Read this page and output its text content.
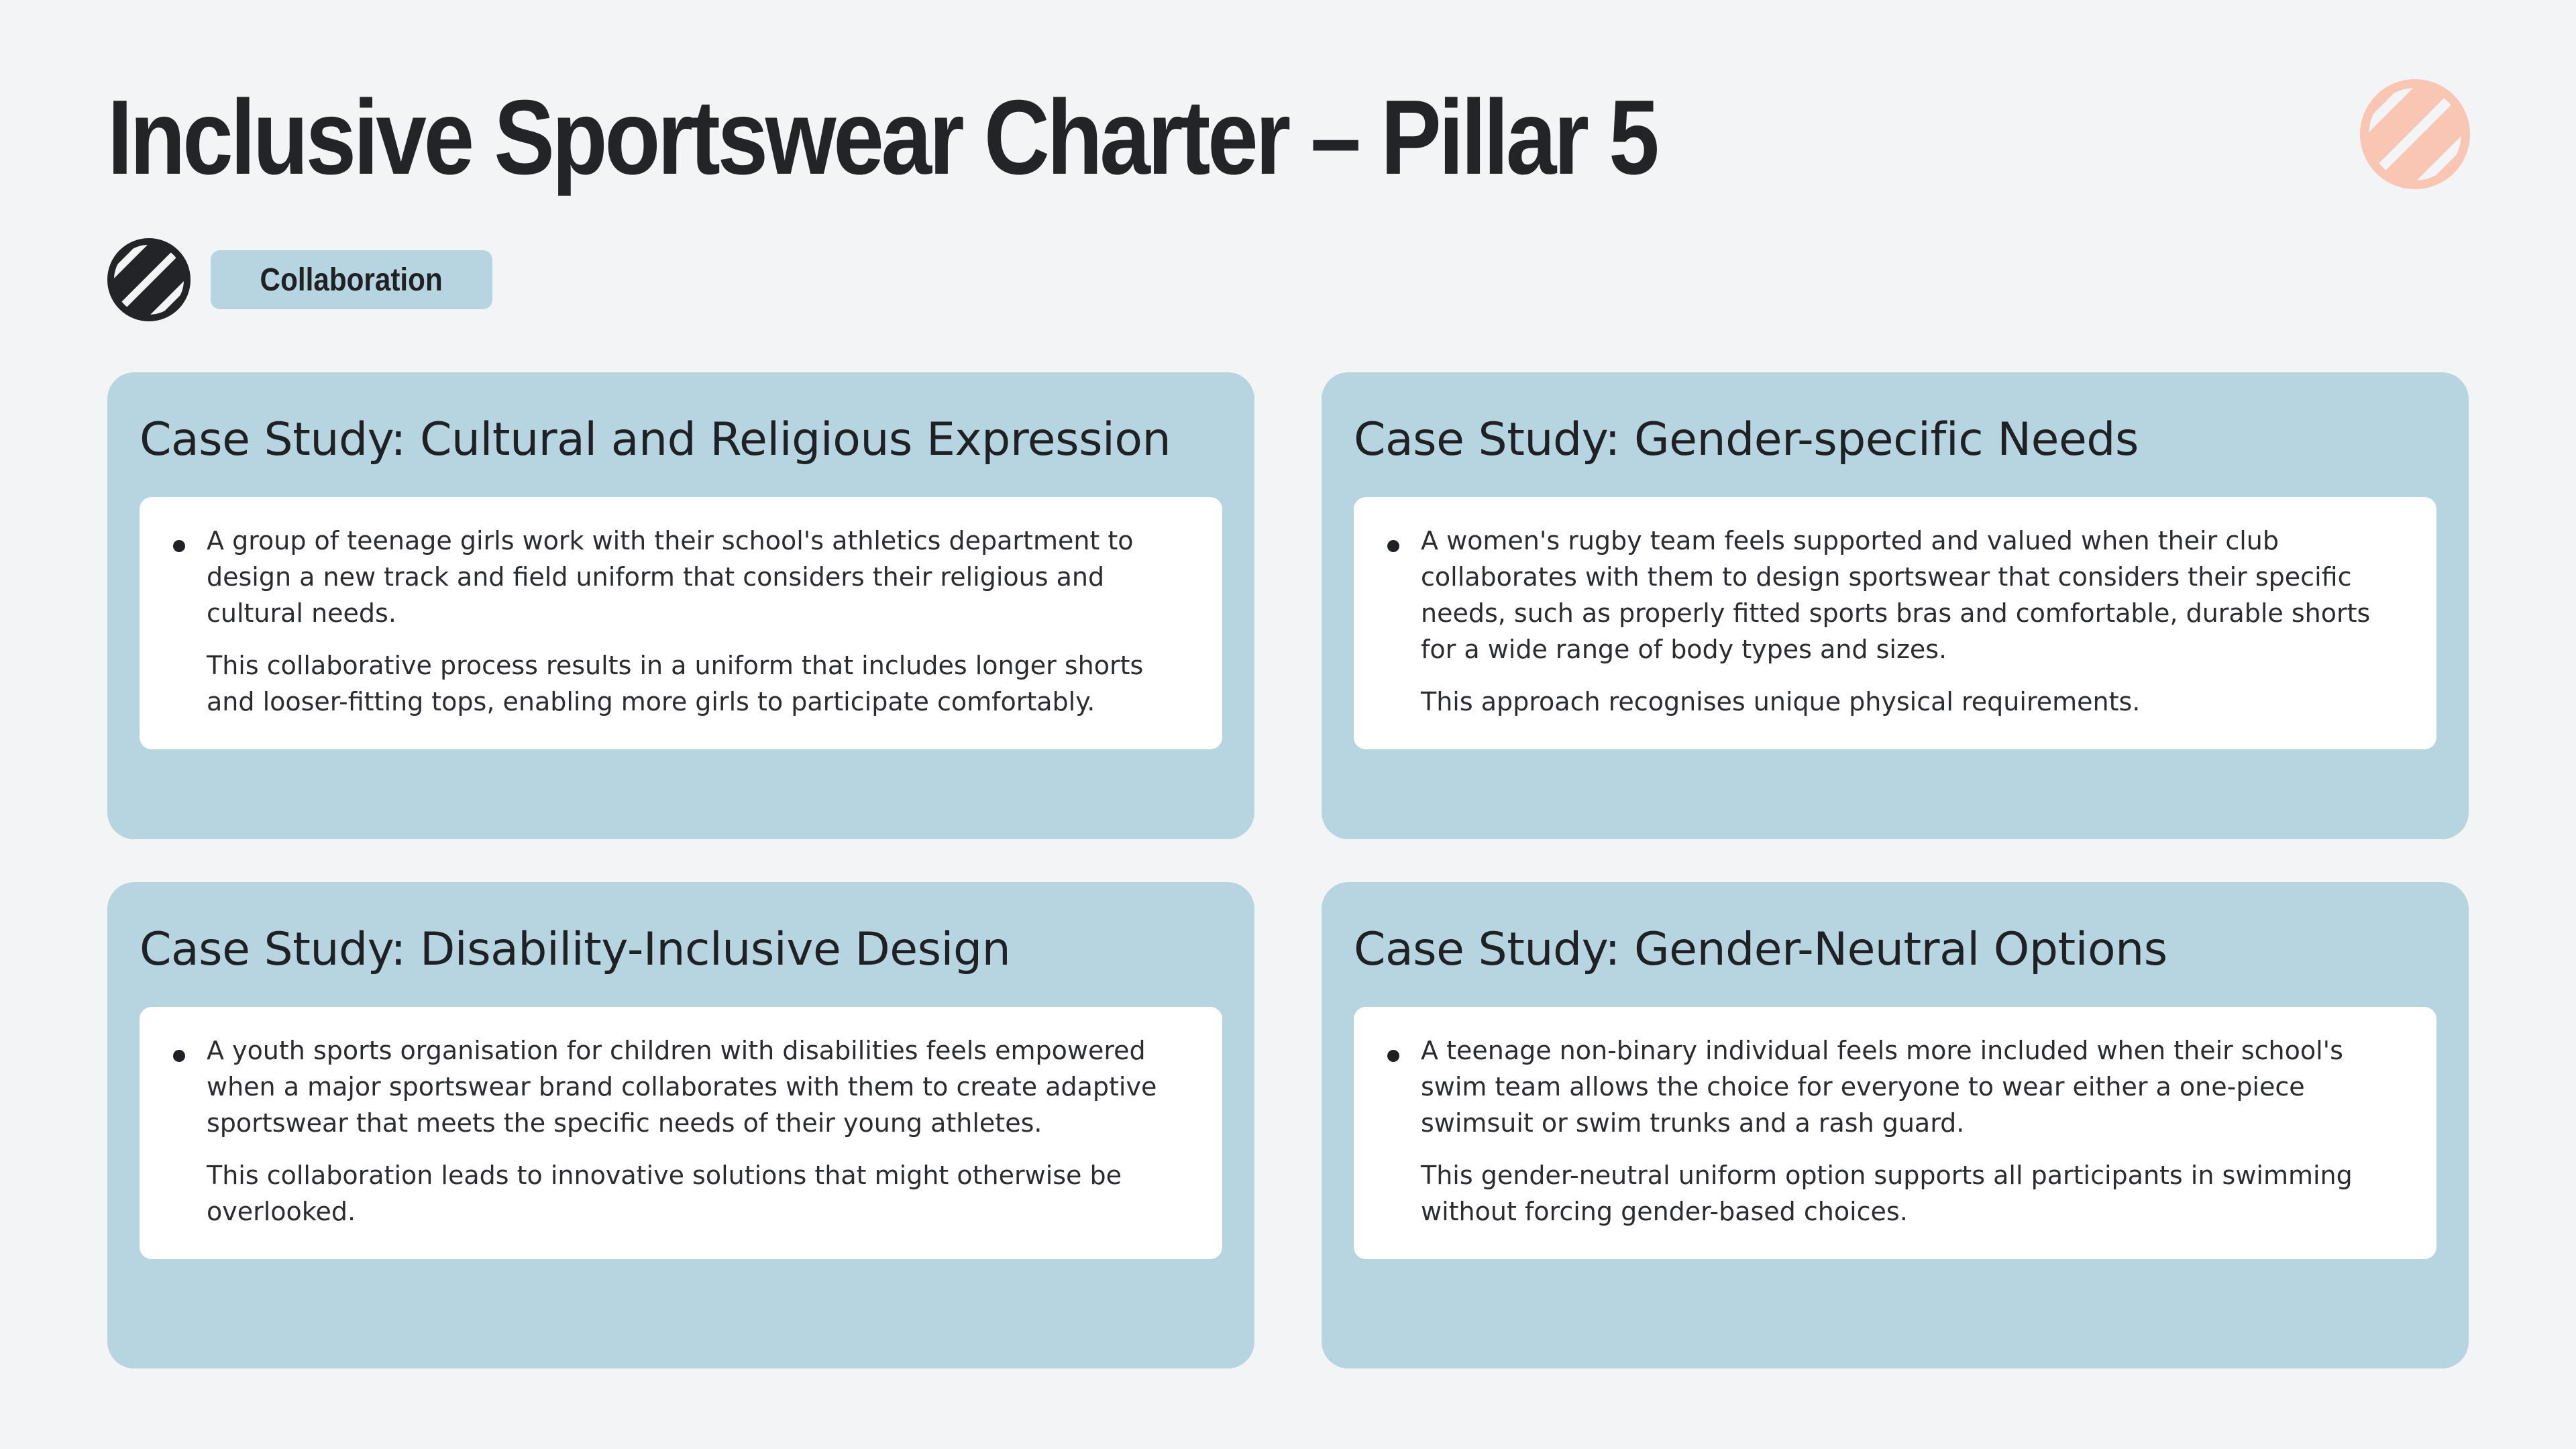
Inclusive Sportswear Charter – Pillar 5
Collaboration
Case Study: Cultural and Religious Expression

A group of teenage girls work with their school's athletics department to design a new track and field uniform that considers their religious and cultural needs.

This collaborative process results in a uniform that includes longer shorts and looser-fitting tops, enabling more girls to participate comfortably.

Case Study: Gender-specific Needs

A women's rugby team feels supported and valued when their club collaborates with them to design sportswear that considers their specific needs, such as properly fitted sports bras and comfortable, durable shorts for a wide range of body types and sizes.

This approach recognises unique physical requirements.

Case Study: Disability-Inclusive Design

A youth sports organisation for children with disabilities feels empowered when a major sportswear brand collaborates with them to create adaptive sportswear that meets the specific needs of their young athletes.

This collaboration leads to innovative solutions that might otherwise be overlooked.

Case Study: Gender-Neutral Options

A teenage non-binary individual feels more included when their school's swim team allows the choice for everyone to wear either a one-piece swimsuit or swim trunks and a rash guard.

This gender-neutral uniform option supports all participants in swimming without forcing gender-based choices.
